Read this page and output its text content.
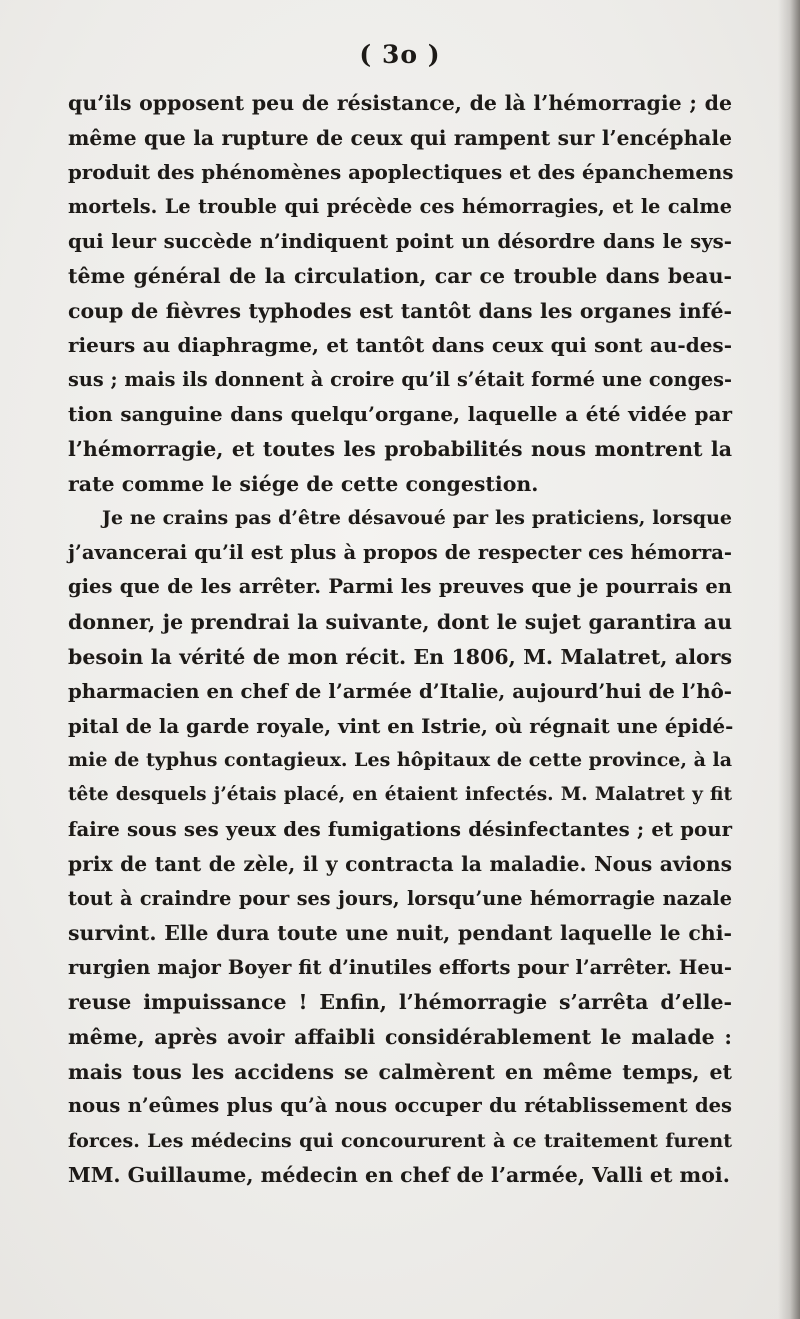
( 3o )
qu’ils opposent peu de résistance, de là l’hémorragie ; de
même que la rupture de ceux qui rampent sur l’encéphale
produit des phénomènes apoplectiques et des épanchemens
mortels. Le trouble qui précède ces hémorragies, et le calme
qui leur succède n’indiquent point un désordre dans le sys-
tême général de la circulation, car ce trouble dans beau-
coup de fièvres typhodes est tantôt dans les organes infé-
rieurs au diaphragme, et tantôt dans ceux qui sont au-des-
sus ; mais ils donnent à croire qu’il s’était formé une conges-
tion sanguine dans quelqu’organe, laquelle a été vidée par
l’hémorragie, et toutes les probabilités nous montrent la
rate comme le siége de cette congestion.
Je ne crains pas d’être désavoué par les praticiens, lorsque
j’avancerai qu’il est plus à propos de respecter ces hémorra-
gies que de les arrêter. Parmi les preuves que je pourrais en
donner, je prendrai la suivante, dont le sujet garantira au
besoin la vérité de mon récit. En 1806, M. Malatret, alors
pharmacien en chef de l’armée d’Italie, aujourd’hui de l’hô-
pital de la garde royale, vint en Istrie, où régnait une épidé-
mie de typhus contagieux. Les hôpitaux de cette province, à la
tête desquels j’étais placé, en étaient infectés. M. Malatret y fit
faire sous ses yeux des fumigations désinfectantes ; et pour
prix de tant de zèle, il y contracta la maladie. Nous avions
tout à craindre pour ses jours, lorsqu’une hémorragie nazale
survint. Elle dura toute une nuit, pendant laquelle le chi-
rurgien major Boyer fit d’inutiles efforts pour l’arrêter. Heu-
reuse impuissance ! Enfin, l’hémorragie s’arrêta d’elle-
même, après avoir affaibli considérablement le malade :
mais tous les accidens se calmèrent en même temps, et
nous n’eûmes plus qu’à nous occuper du rétablissement des
forces. Les médecins qui concoururent à ce traitement furent
MM. Guillaume, médecin en chef de l’armée, Valli et moi.
